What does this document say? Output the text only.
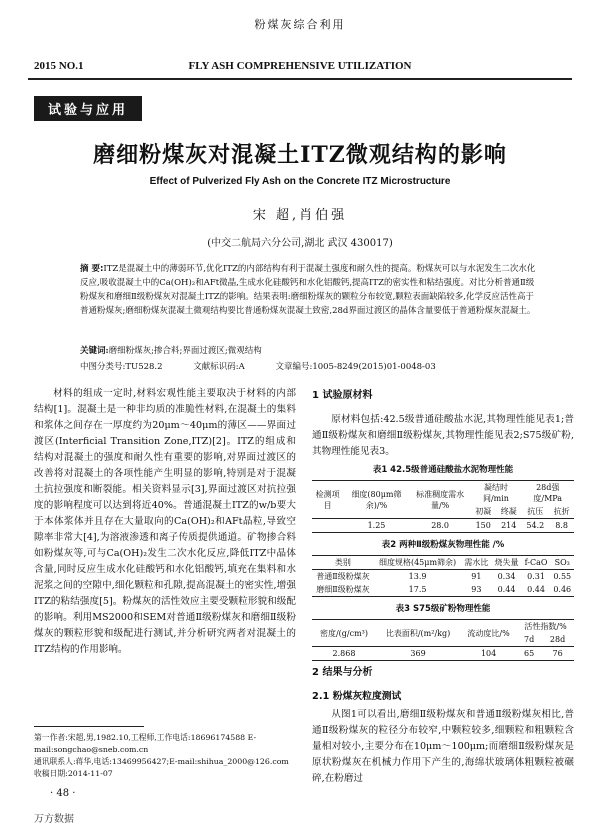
粉煤灰综合利用
2015 NO.1	FLY ASH COMPREHENSIVE UTILIZATION
试验与应用
磨细粉煤灰对混凝土ITZ微观结构的影响
Effect of Pulverized Fly Ash on the Concrete ITZ Microstructure
宋 超,肖伯强
(中交二航局六分公司,湖北 武汉 430017)
摘 要:ITZ是混凝土中的薄弱环节,优化ITZ的内部结构有利于混凝土强度和耐久性的提高。粉煤灰可以与水泥发生二次水化反应,吸收混凝土中的Ca(OH)₂和AFt微晶,生成水化硅酸钙和水化铝酸钙,提高ITZ的密实性和粘结强度。对比分析普通Ⅱ级粉煤灰和磨细Ⅱ级粉煤灰对混凝土ITZ的影响。结果表明:磨细粉煤灰的颗粒分布较宽,颗粒表面缺陷较多,化学反应活性高于普通粉煤灰;磨细粉煤灰混凝土微观结构要比普通粉煤灰混凝土致密,28d界面过渡区的晶体含量要低于普通粉煤灰混凝土。
关键词:磨细粉煤灰;掺合料;界面过渡区;微观结构
中图分类号:TU528.2	文献标识码:A	文章编号:1005-8249(2015)01-0048-03

材料的组成一定时,材料宏观性能主要取决于材料的内部结构[1]。混凝土是一种非均质的准脆性材料,在混凝土的集料和浆体之间存在一厚度约为20μm～40μm的薄区——界面过渡区(Interficial Transition Zone,ITZ)[2]。ITZ的组成和结构对混凝土的强度和耐久性有重要的影响,对界面过渡区的改善将对混凝土的各项性能产生明显的影响,特别是对于混凝土抗拉强度和断裂能。相关资料显示[3],界面过渡区对抗拉强度的影响程度可以达到将近40%。普通混凝土ITZ的w/b要大于本体浆体并且存在大量取向的Ca(OH)₂和AFt晶粒,导致空隙率非常大[4],为溶液渗透和离子传质提供通道。矿物掺合料如粉煤灰等,可与Ca(OH)₂发生二次水化反应,降低ITZ中晶体含量,同时反应生成水化硅酸钙和水化铝酸钙,填充在集料和水泥浆之间的空隙中,细化颗粒和孔隙,提高混凝土的密实性,增强ITZ的粘结强度[5]。粉煤灰的活性效应主要受颗粒形貌和级配的影响。利用MS2000和SEM对普通Ⅱ级粉煤灰和磨细Ⅱ级粉煤灰的颗粒形貌和级配进行测试,并分析研究两者对混凝土的ITZ结构的作用影响。

第一作者:宋超,男,1982.10,工程师,工作电话:18696174588 E-mail:songchao@sneb.com.cn
通讯联系人:蒋华,电话:13469956427;E-mail:shihua_2000@126.com
收稿日期:2014-11-07
· 48 ·
万方数据
1 试验原材料

原材料包括:42.5级普通硅酸盐水泥,其物理性能见表1;普通Ⅱ级粉煤灰和磨细Ⅱ级粉煤灰,其物理性能见表2;S75级矿粉,其物理性能见表3。

表1 42.5级普通硅酸盐水泥物理性能
检测项目	细度(80μm筛余)/%	标准稠度需水量/%	凝结时间/min		28d强度/MPa	
			初凝	终凝	抗压	抗折
	1.25	28.0	150	214	54.2	8.8
表2 两种Ⅱ级粉煤灰物理性能 /%
类别	细度规格(45μm筛余)	需水比	烧失量	f-CaO	SO₃
普通Ⅱ级粉煤灰	13.9	91	0.34	0.31	0.55
磨细Ⅱ级粉煤灰	17.5	93	0.44	0.44	0.46
表3 S75级矿粉物理性能
密度/(g/cm³)	比表面积/(m²/kg)	流动度比/%	活性指数/%	
			7d	28d
2.868	369	104	65	76
2 结果与分析
2.1 粉煤灰粒度测试

从图1可以看出,磨细Ⅱ级粉煤灰和普通Ⅱ级粉煤灰相比,普通Ⅱ级粉煤灰的粒径分布较窄,中颗粒较多,细颗粒和粗颗粒含量相对较小,主要分布在10μm～100μm;而磨细Ⅱ级粉煤灰是原状粉煤灰在机械力作用下产生的,海绵状玻璃体粗颗粒被碾碎,在粉磨过
